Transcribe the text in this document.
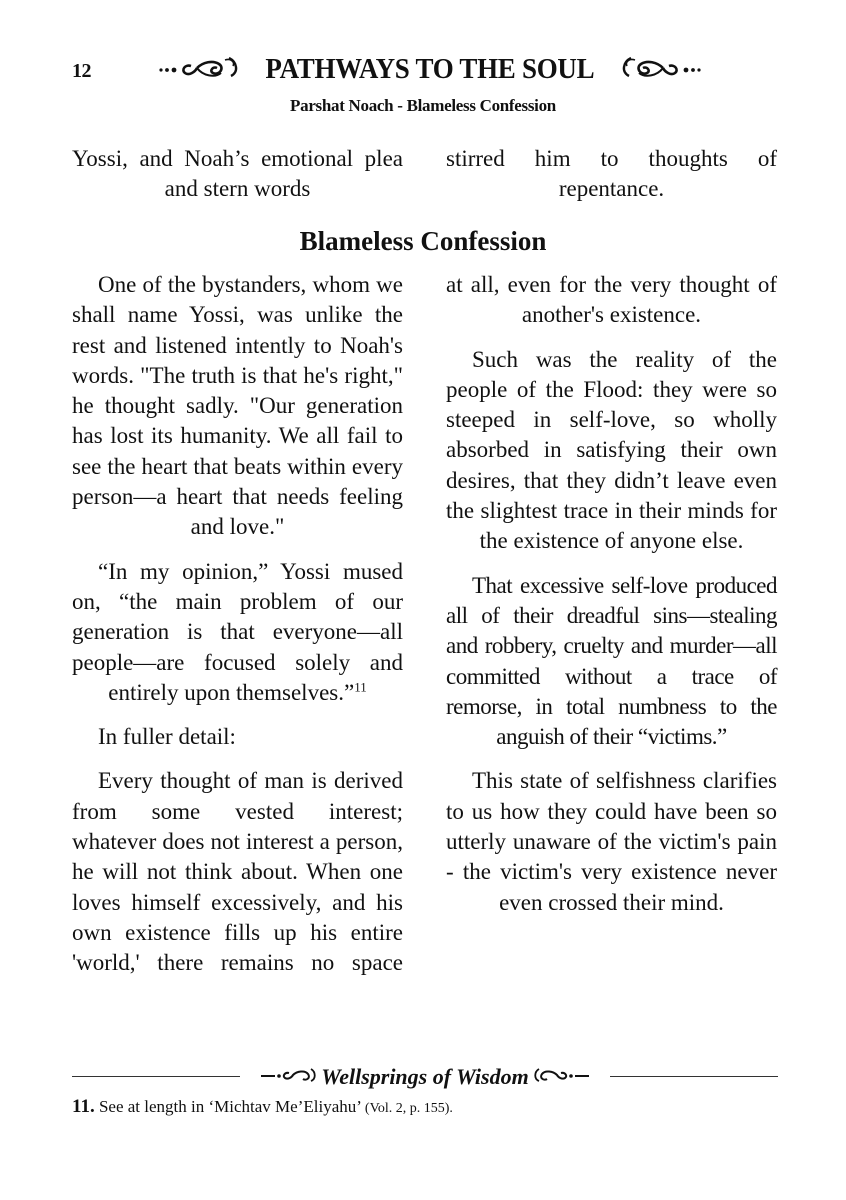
12	PATHWAYS TO THE SOUL
Parshat Noach - Blameless Confession

Yossi, and Noah’s emotional plea and stern words

stirred him to thoughts of repentance.

Blameless Confession

One of the bystanders, whom we shall name Yossi, was unlike the rest and listened intently to Noah's words. "The truth is that he's right," he thought sadly. "Our generation has lost its humanity. We all fail to see the heart that beats within every person—a heart that needs feeling and love."

“In my opinion,” Yossi mused on, “the main problem of our generation is that everyone—all people—are focused solely and entirely upon themselves.”$^{11}$

In fuller detail:

Every thought of man is derived from some vested interest; whatever does not interest a person, he will not think about. When one loves himself excessively, and his own existence fills up his entire 'world,' there remains no space

at all, even for the very thought of another's existence.

Such was the reality of the people of the Flood: they were so steeped in self-love, so wholly absorbed in satisfying their own desires, that they didn’t leave even the slightest trace in their minds for the existence of anyone else.

That excessive self-love produced all of their dreadful sins—stealing and robbery, cruelty and murder—all committed without a trace of remorse, in total numbness to the anguish of their “victims.”

This state of selfishness clarifies to us how they could have been so utterly unaware of the victim's pain - the victim's very existence never even crossed their mind.

Wellsprings of Wisdom
11. See at length in ‘Michtav Me’Eliyahu’ (Vol. 2, p. 155).
